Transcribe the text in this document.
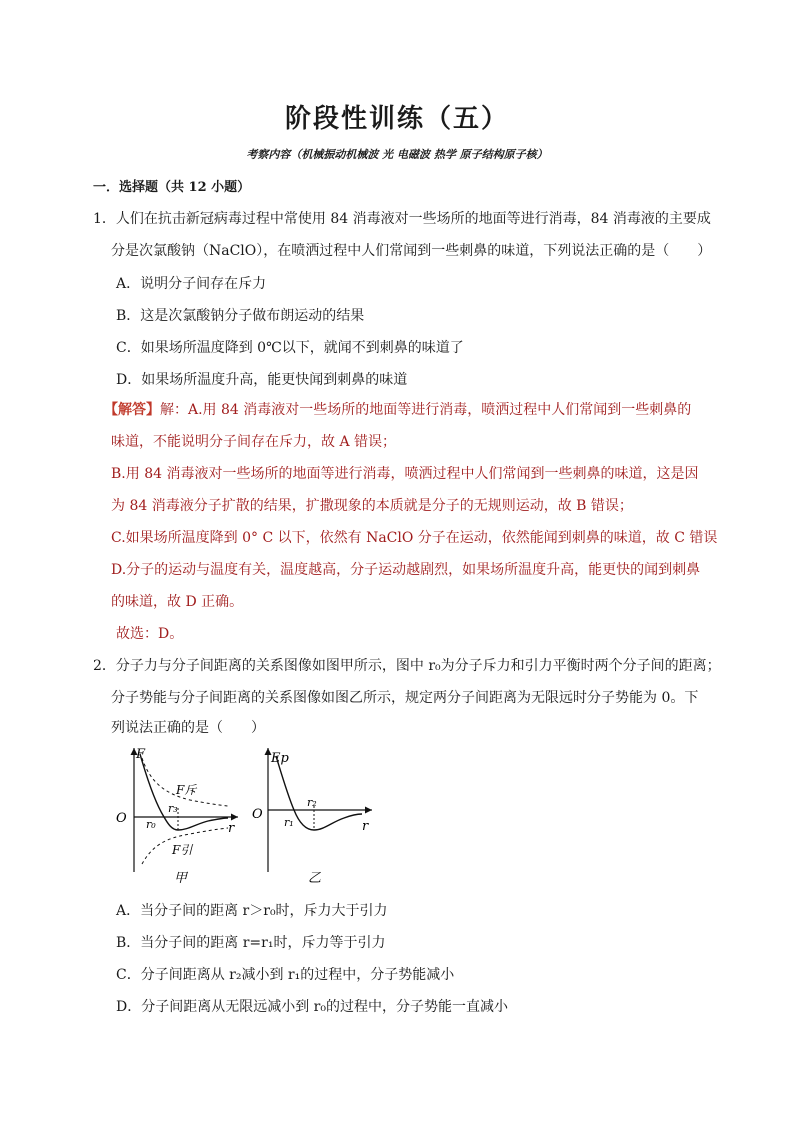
阶段性训练（五）
考察内容（机械振动机械波 光 电磁波 热学 原子结构原子核）
一．选择题（共 12 小题）
1．人们在抗击新冠病毒过程中常使用 84 消毒液对一些场所的地面等进行消毒，84 消毒液的主要成
分是次氯酸钠（NaClO），在喷洒过程中人们常闻到一些刺鼻的味道，下列说法正确的是（　　）
A．说明分子间存在斥力
B．这是次氯酸钠分子做布朗运动的结果
C．如果场所温度降到 0℃以下，就闻不到刺鼻的味道了
D．如果场所温度升高，能更快闻到刺鼻的味道
【解答】解：A.用 84 消毒液对一些场所的地面等进行消毒，喷洒过程中人们常闻到一些刺鼻的
味道，不能说明分子间存在斥力，故 A 错误；
B.用 84 消毒液对一些场所的地面等进行消毒，喷洒过程中人们常闻到一些刺鼻的味道，这是因
为 84 消毒液分子扩散的结果，扩撒现象的本质就是分子的无规则运动，故 B 错误；
C.如果场所温度降到 0° C 以下，依然有 NaClO 分子在运动，依然能闻到刺鼻的味道，故 C 错误
D.分子的运动与温度有关，温度越高，分子运动越剧烈，如果场所温度升高，能更快的闻到刺鼻
的味道，故 D 正确。
故选：D。
2．分子力与分子间距离的关系图像如图甲所示，图中 r₀为分子斥力和引力平衡时两个分子间的距离；
分子势能与分子间距离的关系图像如图乙所示，规定两分子间距离为无限远时分子势能为 0。下
列说法正确的是（　　）
F
O
r
F斥
F引
r₃
r₀
甲
Ep
O
r
r₂
r₁
乙
A．当分子间的距离 r＞r₀时，斥力大于引力
B．当分子间的距离 r=r₁时，斥力等于引力
C．分子间距离从 r₂减小到 r₁的过程中，分子势能减小
D．分子间距离从无限远减小到 r₀的过程中，分子势能一直减小
